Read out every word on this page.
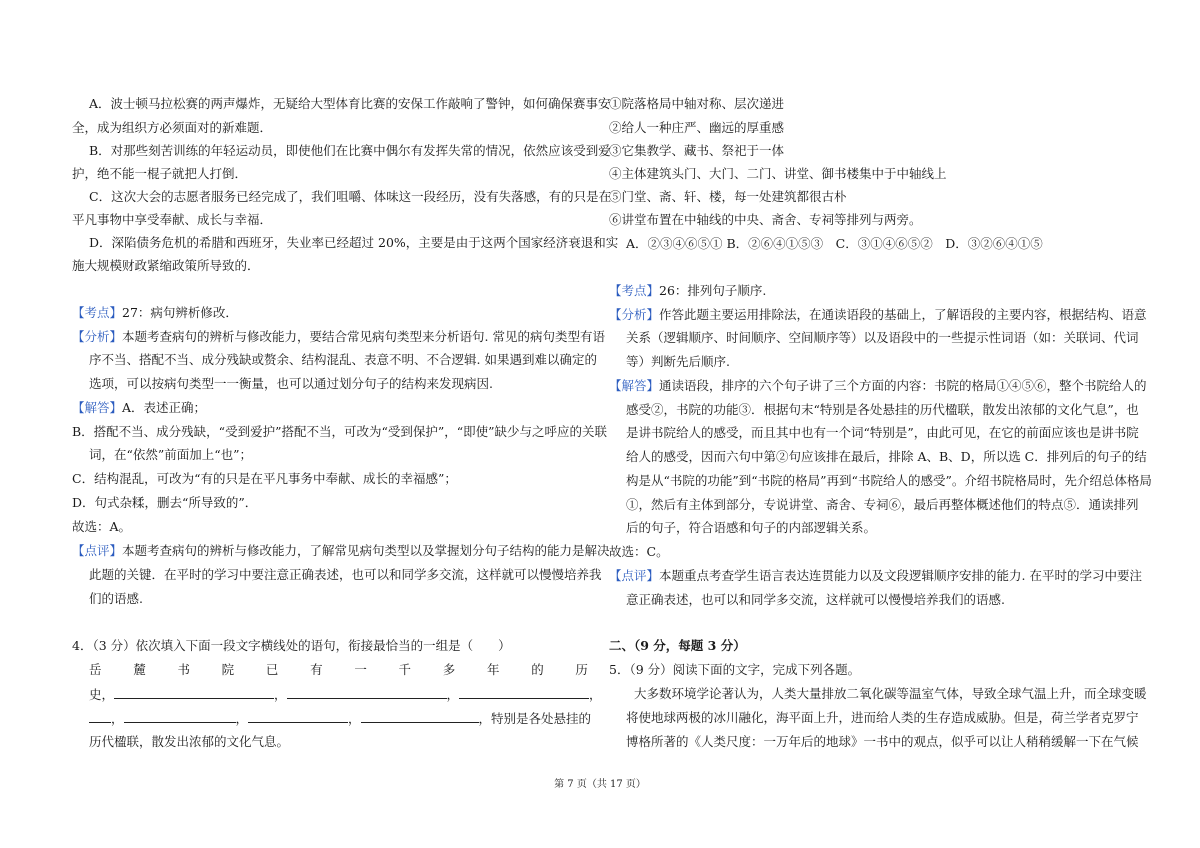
A．波士顿马拉松赛的两声爆炸，无疑给大型体育比赛的安保工作敲响了警钟，如何确保赛事安
全，成为组织方必须面对的新难题．
B．对那些刻苦训练的年轻运动员，即使他们在比赛中偶尔有发挥失常的情况，依然应该受到爱
护，绝不能一棍子就把人打倒．
C．这次大会的志愿者服务已经完成了，我们咀嚼、体味这一段经历，没有失落感，有的只是在
平凡事物中享受奉献、成长与幸福．
D．深陷债务危机的希腊和西班牙，失业率已经超过 20%，主要是由于这两个国家经济衰退和实
施大规模财政紧缩政策所导致的．
【考点】27：病句辨析修改．
【分析】本题考查病句的辨析与修改能力，要结合常见病句类型来分析语句. 常见的病句类型有语
序不当、搭配不当、成分残缺或赘余、结构混乱、表意不明、不合逻辑. 如果遇到难以确定的
选项，可以按病句类型一一衡量，也可以通过划分句子的结构来发现病因.
【解答】A．表述正确；
B．搭配不当、成分残缺，“受到爱护”搭配不当，可改为“受到保护”，“即使”缺少与之呼应的关联
词，在“依然”前面加上“也”；
C．结构混乱，可改为“有的只是在平凡事务中奉献、成长的幸福感”；
D．句式杂糅，删去“所导致的”．
故选：A。
【点评】本题考查病句的辨析与修改能力，了解常见病句类型以及掌握划分句子结构的能力是解决
此题的关键．在平时的学习中要注意正确表述，也可以和同学多交流，这样就可以慢慢培养我
们的语感.
4．（3 分）依次填入下面一段文字横线处的语句，衔接最恰当的一组是（　　）
岳	麓	书	院	已	有	一	千	多	年	的	历
史，	，	，	，
，	，	，	，特别是各处悬挂的
历代楹联，散发出浓郁的文化气息。
①院落格局中轴对称、层次递进
②给人一种庄严、幽远的厚重感
③它集教学、藏书、祭祀于一体
④主体建筑头门、大门、二门、讲堂、御书楼集中于中轴线上
⑤门堂、斋、轩、楼，每一处建筑都很古朴
⑥讲堂布置在中轴线的中央、斋舍、专祠等排列与两旁。
A．②③④⑥⑤① B．②⑥④①⑤③　C．③①④⑥⑤②　D．③②⑥④①⑤
【考点】26：排列句子顺序.
【分析】作答此题主要运用排除法，在通读语段的基础上，了解语段的主要内容，根据结构、语意
关系（逻辑顺序、时间顺序、空间顺序等）以及语段中的一些提示性词语（如：关联词、代词
等）判断先后顺序.
【解答】通读语段，排序的六个句子讲了三个方面的内容：书院的格局①④⑤⑥，整个书院给人的
感受②，书院的功能③．根据句末“特别是各处悬挂的历代楹联，散发出浓郁的文化气息”，也
是讲书院给人的感受，而且其中也有一个词“特别是”，由此可见，在它的前面应该也是讲书院
给人的感受，因而六句中第②句应该排在最后，排除 A、B、D，所以选 C．排列后的句子的结
构是从“书院的功能”到“书院的格局”再到“书院给人的感受”。介绍书院格局时，先介绍总体格局
①，然后有主体到部分，专说讲堂、斋舍、专祠⑥，最后再整体概述他们的特点⑤．通读排列
后的句子，符合语感和句子的内部逻辑关系。
故选：C。
【点评】本题重点考查学生语言表达连贯能力以及文段逻辑顺序安排的能力. 在平时的学习中要注
意正确表述，也可以和同学多交流，这样就可以慢慢培养我们的语感.
二、（9 分，每题 3 分）
5．（9 分）阅读下面的文字，完成下列各题。
大多数环境学论著认为，人类大量排放二氧化碳等温室气体，导致全球气温上升，而全球变暖
将使地球两极的冰川融化，海平面上升，进而给人类的生存造成威胁。但是，荷兰学者克罗宁
博格所著的《人类尺度：一万年后的地球》一书中的观点，似乎可以让人稍稍缓解一下在气候
第 7 页（共 17 页）
